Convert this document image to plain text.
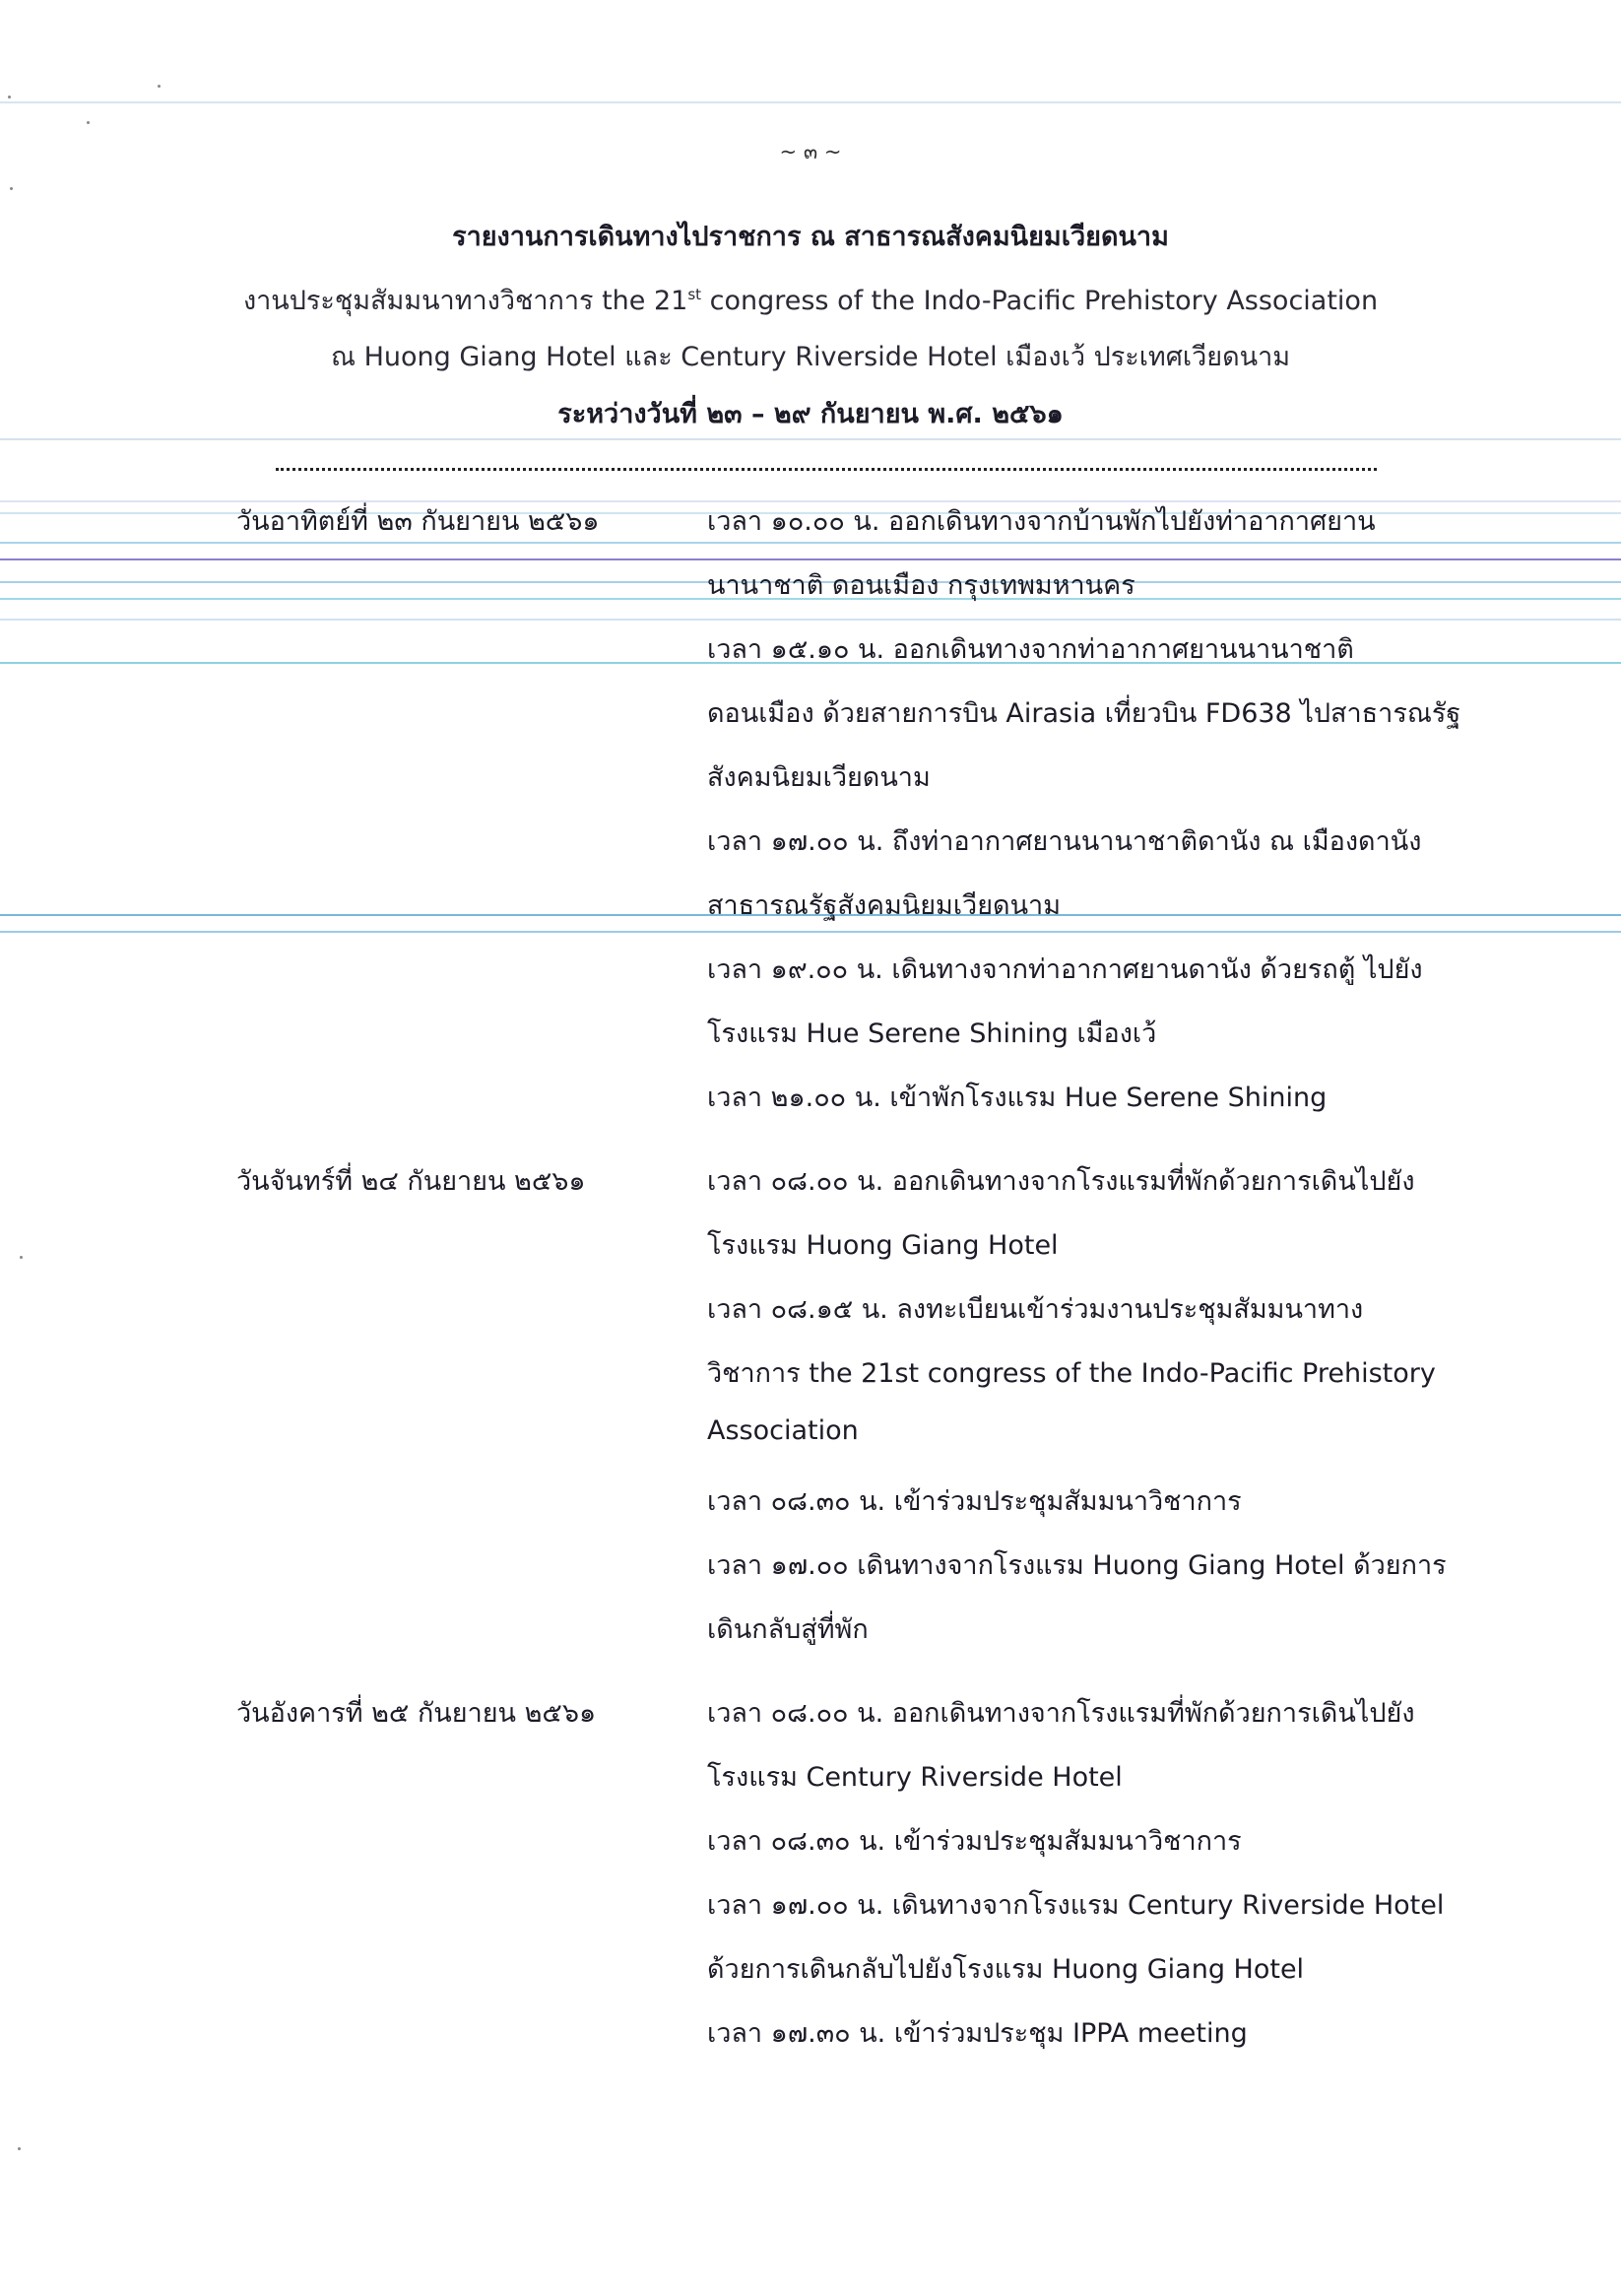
~ ๓ ~
รายงานการเดินทางไปราชการ ณ สาธารณสังคมนิยมเวียดนาม
งานประชุมสัมมนาทางวิชาการ the 21st congress of the Indo-Pacific Prehistory Association
ณ Huong Giang Hotel และ Century Riverside Hotel เมืองเว้ ประเทศเวียดนาม
ระหว่างวันที่ ๒๓ – ๒๙ กันยายน พ.ศ. ๒๕๖๑
วันอาทิตย์ที่ ๒๓ กันยายน ๒๕๖๑	เวลา ๑๐.๐๐ น. ออกเดินทางจากบ้านพักไปยังท่าอากาศยาน
นานาชาติ ดอนเมือง กรุงเทพมหานคร
เวลา ๑๕.๑๐ น. ออกเดินทางจากท่าอากาศยานนานาชาติ
ดอนเมือง ด้วยสายการบิน Airasia เที่ยวบิน FD638 ไปสาธารณรัฐ
สังคมนิยมเวียดนาม
เวลา ๑๗.๐๐ น. ถึงท่าอากาศยานนานาชาติดานัง ณ เมืองดานัง
สาธารณรัฐสังคมนิยมเวียดนาม
เวลา ๑๙.๐๐ น. เดินทางจากท่าอากาศยานดานัง ด้วยรถตู้ ไปยัง
โรงแรม Hue Serene Shining เมืองเว้
เวลา ๒๑.๐๐ น. เข้าพักโรงแรม Hue Serene Shining
วันจันทร์ที่ ๒๔ กันยายน ๒๕๖๑	เวลา ๐๘.๐๐ น. ออกเดินทางจากโรงแรมที่พักด้วยการเดินไปยัง
โรงแรม Huong Giang Hotel
เวลา ๐๘.๑๕ น. ลงทะเบียนเข้าร่วมงานประชุมสัมมนาทาง
วิชาการ the 21st congress of the Indo-Pacific Prehistory
Association
เวลา ๐๘.๓๐ น. เข้าร่วมประชุมสัมมนาวิชาการ
เวลา ๑๗.๐๐ เดินทางจากโรงแรม Huong Giang Hotel ด้วยการ
เดินกลับสู่ที่พัก
วันอังคารที่ ๒๕ กันยายน ๒๕๖๑	เวลา ๐๘.๐๐ น. ออกเดินทางจากโรงแรมที่พักด้วยการเดินไปยัง
โรงแรม Century Riverside Hotel
เวลา ๐๘.๓๐ น. เข้าร่วมประชุมสัมมนาวิชาการ
เวลา ๑๗.๐๐ น. เดินทางจากโรงแรม Century Riverside Hotel
ด้วยการเดินกลับไปยังโรงแรม Huong Giang Hotel
เวลา ๑๗.๓๐ น. เข้าร่วมประชุม IPPA meeting
